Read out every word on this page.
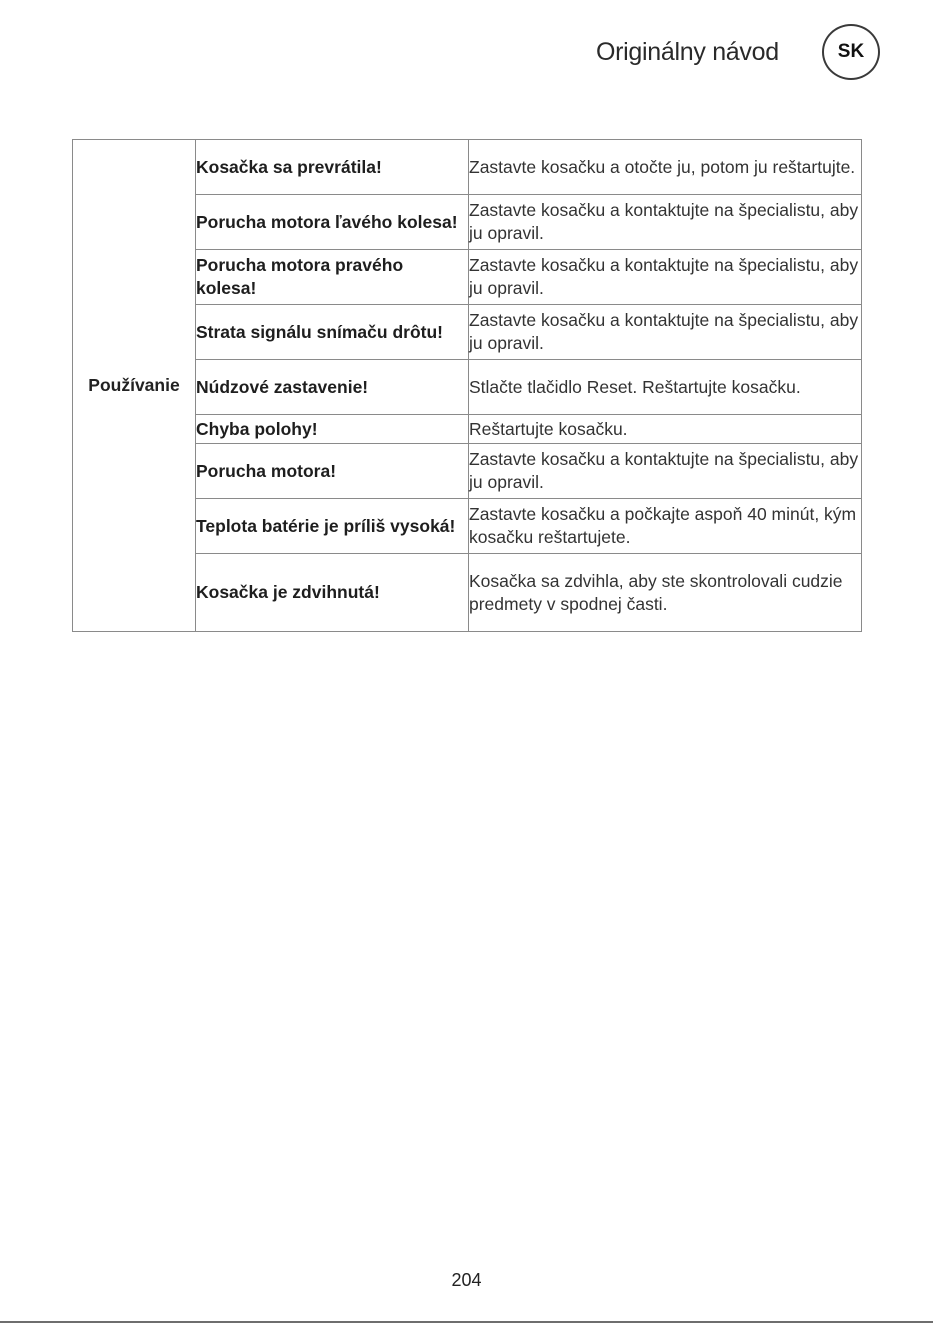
Originálny návod	SK
Používanie	Kosačka sa prevrátila!	Zastavte kosačku a otočte ju, potom ju reštartujte.
	Porucha motora ľavého kolesa!	Zastavte kosačku a kontaktujte na špecialistu, aby ju opravil.
	Porucha motora pravého kolesa!	Zastavte kosačku a kontaktujte na špecialistu, aby ju opravil.
	Strata signálu snímaču drôtu!	Zastavte kosačku a kontaktujte na špecialistu, aby ju opravil.
	Núdzové zastavenie!	Stlačte tlačidlo Reset. Reštartujte kosačku.
	Chyba polohy!	Reštartujte kosačku.
	Porucha motora!	Zastavte kosačku a kontaktujte na špecialistu, aby ju opravil.
	Teplota batérie je príliš vysoká!	Zastavte kosačku a počkajte aspoň 40 minút, kým kosačku reštartujete.
	Kosačka je zdvihnutá!	Kosačka sa zdvihla, aby ste skontrolovali cudzie predmety v spodnej časti.
204
